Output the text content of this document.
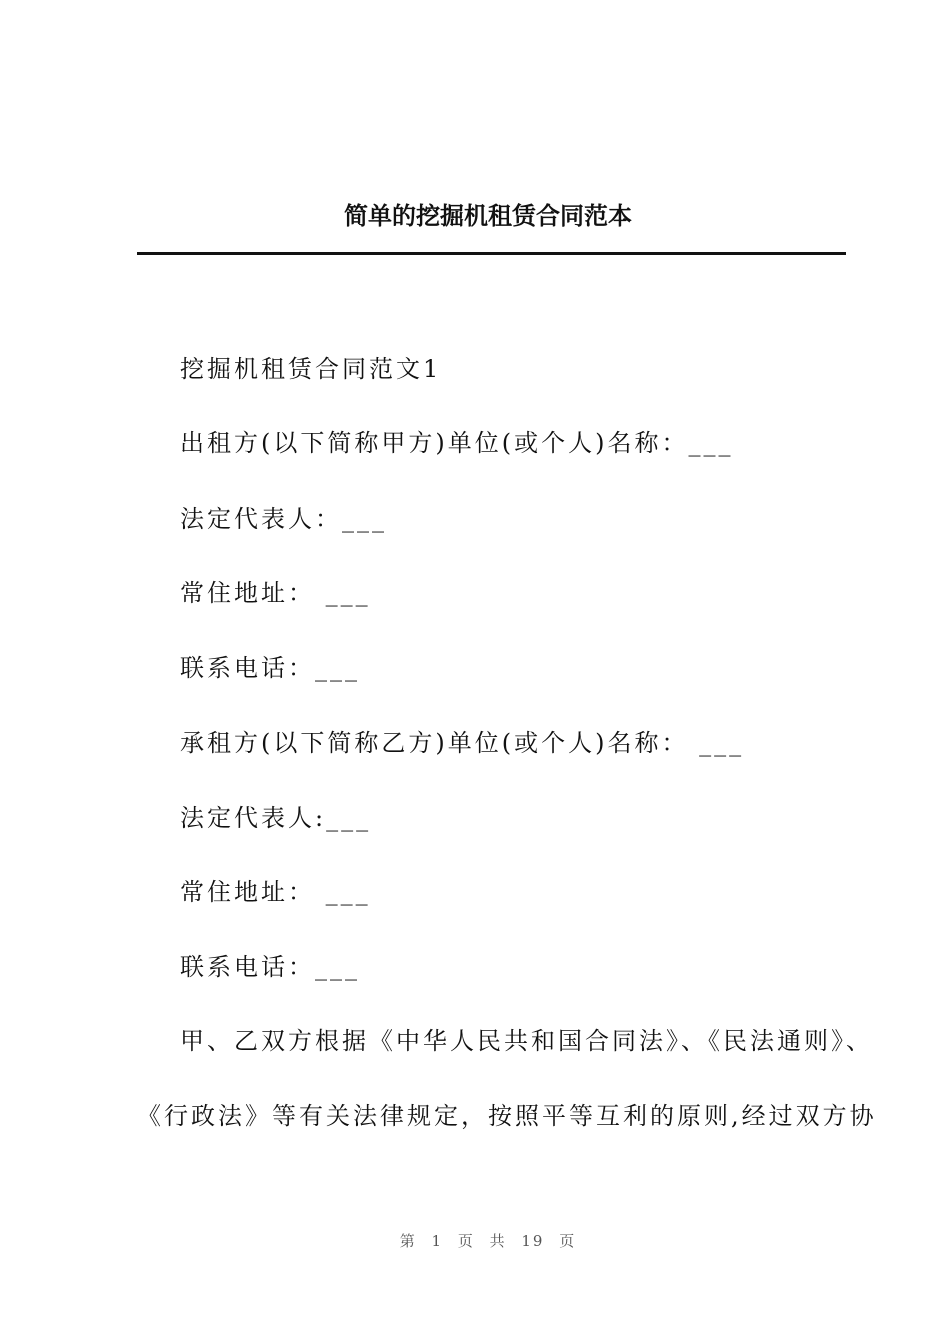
简单的挖掘机租赁合同范本
挖掘机租赁合同范文1
出租方(以下简称甲方)单位(或个人)名称：___
法定代表人：___
常住地址： ___
联系电话：___
承租方(以下简称乙方)单位(或个人)名称： ___
法定代表人:___
常住地址： ___
联系电话：___
甲、乙双方根据《中华人民共和国合同法》、《民法通则》、
《行政法》等有关法律规定，按照平等互利的原则,经过双方协
第 1 页 共 19 页
